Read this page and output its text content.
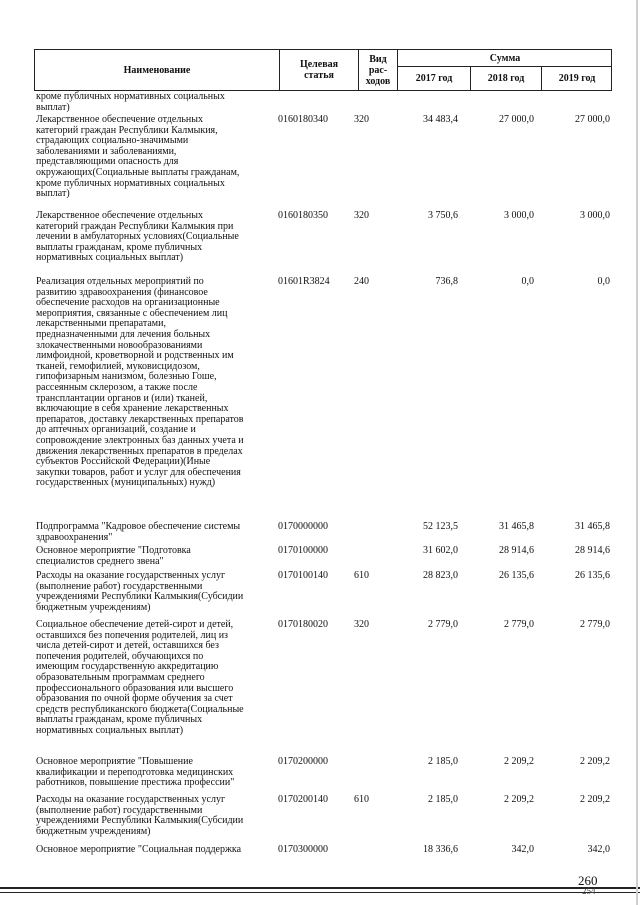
Наименование	Целевая статья
Вид рас- ходов
Сумма
2017 год	2018 год	2019 год
кроме публичных нормативных социальных
выплат)
Лекарственное обеспечение отдельных
категорий граждан Республики Калмыкия,
страдающих социально-значимыми
заболеваниями и заболеваниями,
представляющими опасность для
окружающих(Социальные выплаты гражданам,
кроме публичных нормативных социальных
выплат)
0160180340	320	34 483,4	27 000,0	27 000,0
Лекарственное обеспечение отдельных
категорий граждан Республики Калмыкия при
лечении в амбулаторных условиях(Социальные
выплаты гражданам, кроме публичных
нормативных социальных выплат)
0160180350	320	3 750,6	3 000,0	3 000,0
Реализация отдельных мероприятий по
развитию здравоохранения (финансовое
обеспечение расходов на организационные
мероприятия, связанные с обеспечением лиц
лекарственными препаратами,
предназначенными для лечения больных
злокачественными новообразованиями
лимфоидной, кроветворной и родственных им
тканей, гемофилией, муковисцидозом,
гипофизарным нанизмом, болезнью Гоше,
рассеянным склерозом, а также после
трансплантации органов и (или) тканей,
включающие в себя хранение лекарственных
препаратов, доставку лекарственных препаратов
до аптечных организаций, создание и
сопровождение электронных баз данных учета и
движения лекарственных препаратов в пределах
субъектов Российской Федерации)(Иные
закупки товаров, работ и услуг для обеспечения
государственных (муниципальных) нужд)
01601R3824	240	736,8	0,0	0,0
Подпрограмма "Кадровое обеспечение системы
здравоохранения"
0170000000	52 123,5	31 465,8	31 465,8
Основное мероприятие "Подготовка
специалистов среднего звена"
0170100000	31 602,0	28 914,6	28 914,6
Расходы на оказание государственных услуг
(выполнение работ) государственными
учреждениями Республики Калмыкия(Субсидии
бюджетным учреждениям)
0170100140	610	28 823,0	26 135,6	26 135,6
Социальное обеспечение детей-сирот и детей,
оставшихся без попечения родителей, лиц из
числа детей-сирот и детей, оставшихся без
попечения родителей, обучающихся по
имеющим государственную аккредитацию
образовательным программам среднего
профессионального образования или высшего
образования по очной форме обучения за счет
средств республиканского бюджета(Социальные
выплаты гражданам, кроме публичных
нормативных социальных выплат)
0170180020	320	2 779,0	2 779,0	2 779,0
Основное мероприятие "Повышение
квалификации и переподготовка медицинских
работников, повышение престижа профессии"
0170200000	2 185,0	2 209,2	2 209,2
Расходы на оказание государственных услуг
(выполнение работ) государственными
учреждениями Республики Калмыкия(Субсидии
бюджетным учреждениям)
0170200140	610	2 185,0	2 209,2	2 209,2
Основное мероприятие "Социальная поддержка	0170300000	18 336,6	342,0	342,0
260
254
